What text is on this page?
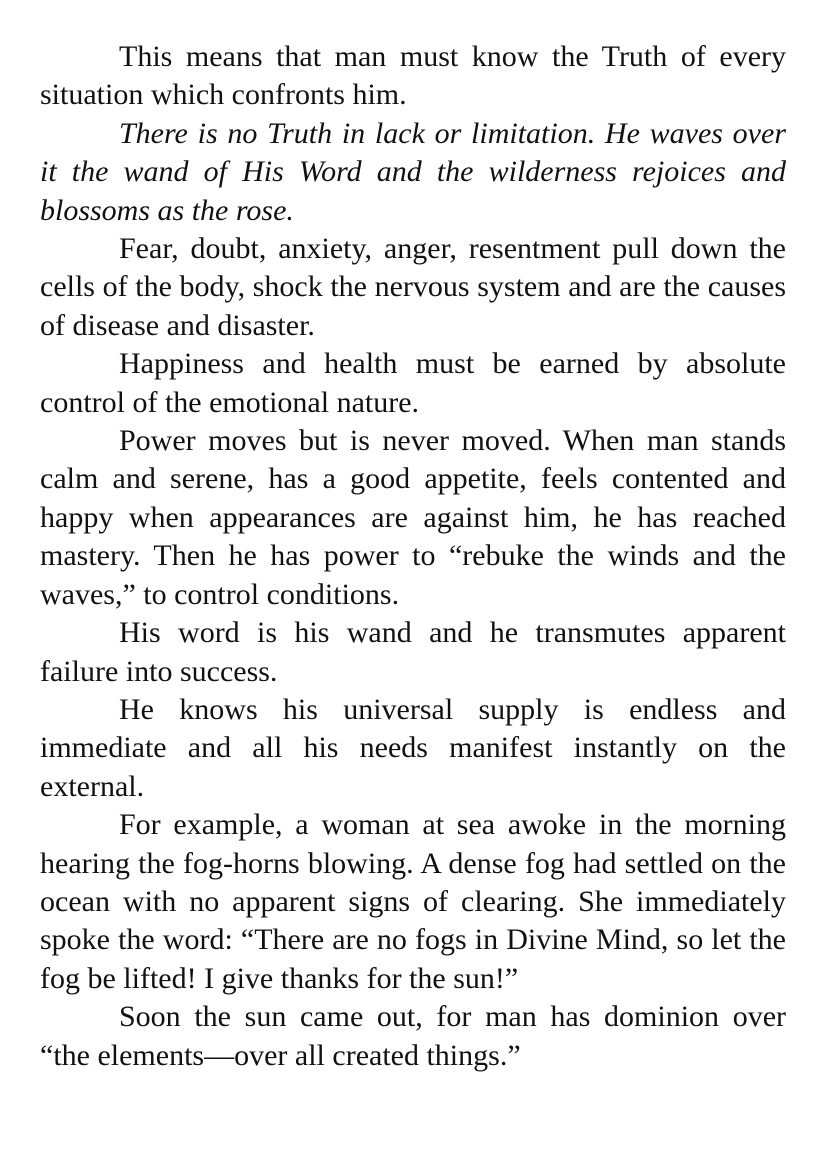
This means that man must know the Truth of every situation which confronts him.

There is no Truth in lack or limitation. He waves over it the wand of His Word and the wilderness rejoices and blossoms as the rose.

Fear, doubt, anxiety, anger, resentment pull down the cells of the body, shock the nervous system and are the causes of disease and disaster.

Happiness and health must be earned by absolute control of the emotional nature.

Power moves but is never moved. When man stands calm and serene, has a good appetite, feels contented and happy when appearances are against him, he has reached mastery. Then he has power to “rebuke the winds and the waves,” to control conditions.

His word is his wand and he transmutes apparent failure into success.

He knows his universal supply is endless and immediate and all his needs manifest instantly on the external.

For example, a woman at sea awoke in the morning hearing the fog-horns blowing. A dense fog had settled on the ocean with no apparent signs of clearing. She immediately spoke the word: “There are no fogs in Divine Mind, so let the fog be lifted! I give thanks for the sun!”

Soon the sun came out, for man has dominion over “the elements—over all created things.”
